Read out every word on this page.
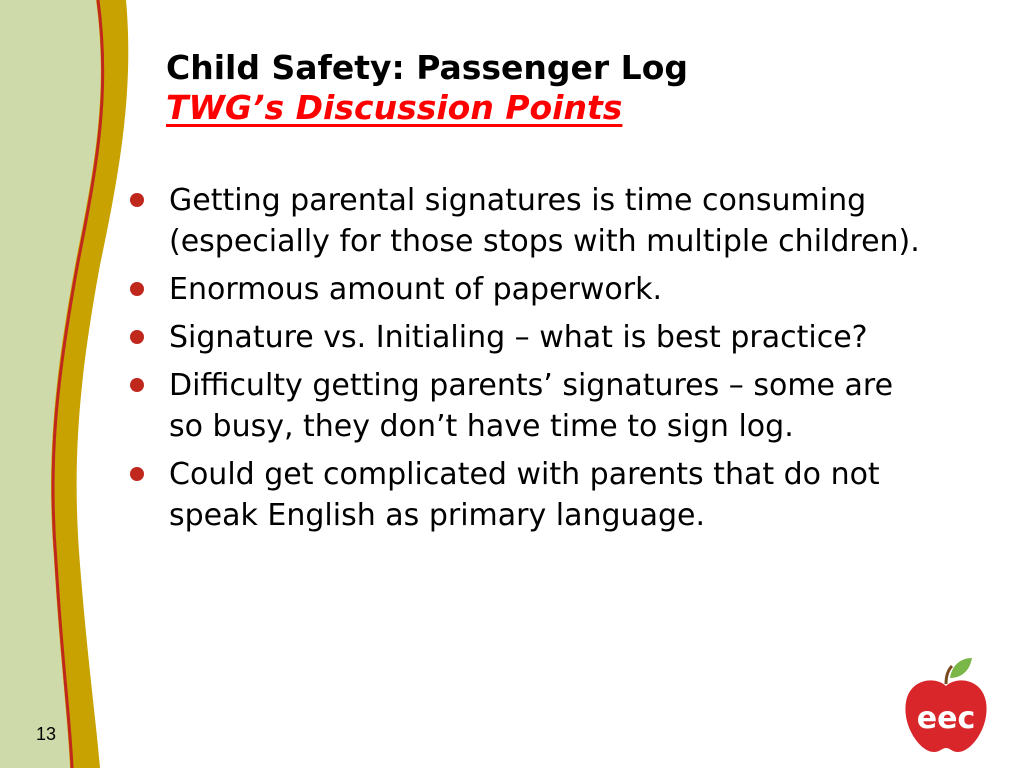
Child Safety: Passenger Log
TWG’s Discussion Points
Getting parental signatures is time consuming (especially for those stops with multiple children).
Enormous amount of paperwork.
Signature vs. Initialing – what is best practice?
Difficulty getting parents’ signatures – some are so busy, they don’t have time to sign log.
Could get complicated with parents that do not speak English as primary language.
13	eec
